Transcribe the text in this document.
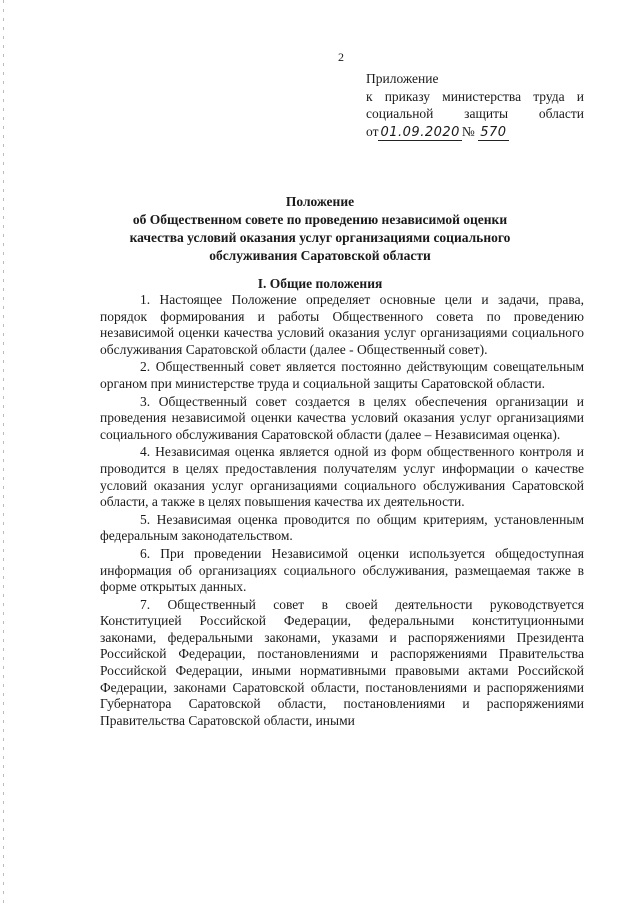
2
Приложение
к приказу министерства труда и
социальной защиты области
от 01.09.2020 № 570
Положение
об Общественном совете по проведению независимой оценки
качества условий оказания услуг организациями социального
обслуживания Саратовской области
I. Общие положения

1. Настоящее Положение определяет основные цели и задачи, права, порядок формирования и работы Общественного совета по проведению независимой оценки качества условий оказания услуг организациями социального обслуживания Саратовской области (далее - Общественный совет).

2. Общественный совет является постоянно действующим совещательным органом при министерстве труда и социальной защиты Саратовской области.

3. Общественный совет создается в целях обеспечения организации и проведения независимой оценки качества условий оказания услуг организациями социального обслуживания Саратовской области (далее – Независимая оценка).

4. Независимая оценка является одной из форм общественного контроля и проводится в целях предоставления получателям услуг информации о качестве условий оказания услуг организациями социального обслуживания Саратовской области, а также в целях повышения качества их деятельности.

5. Независимая оценка проводится по общим критериям, установленным федеральным законодательством.

6. При проведении Независимой оценки используется общедоступная информация об организациях социального обслуживания, размещаемая также в форме открытых данных.

7. Общественный совет в своей деятельности руководствуется Конституцией Российской Федерации, федеральными конституционными законами, федеральными законами, указами и распоряжениями Президента Российской Федерации, постановлениями и распоряжениями Правительства Российской Федерации, иными нормативными правовыми актами Российской Федерации, законами Саратовской области, постановлениями и распоряжениями Губернатора Саратовской области, постановлениями и распоряжениями Правительства Саратовской области, иными
